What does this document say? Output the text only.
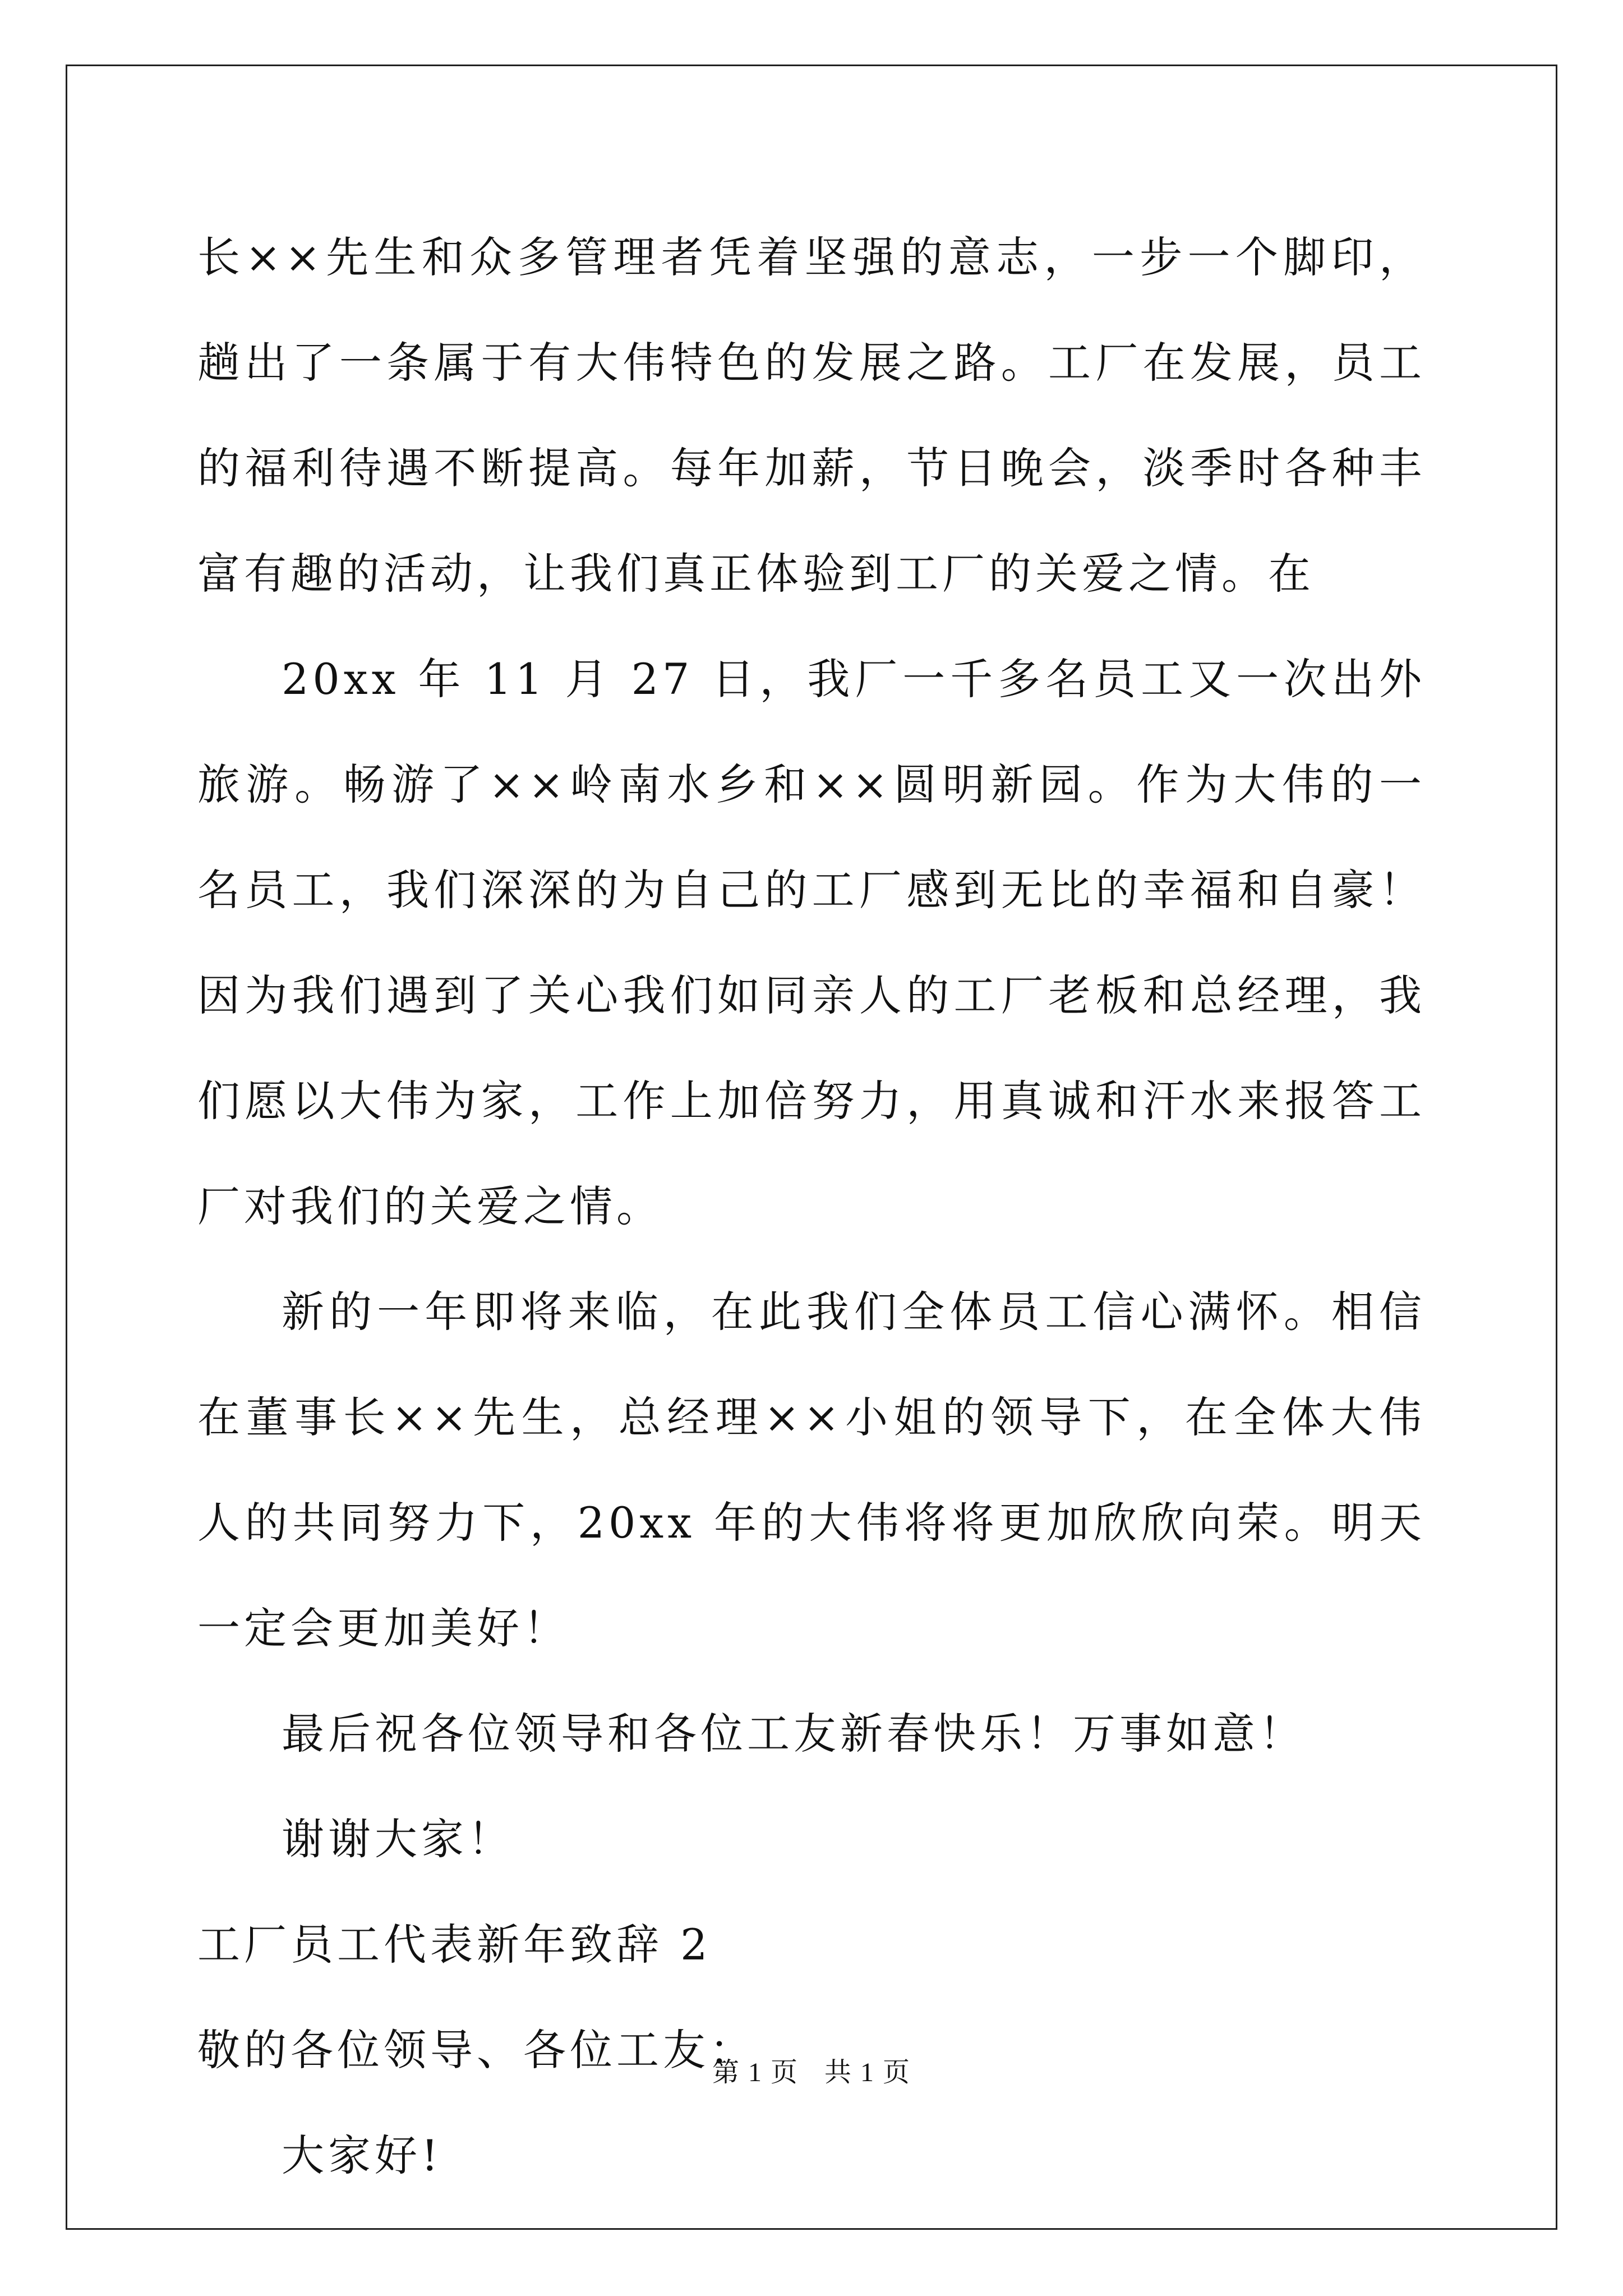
长××先生和众多管理者凭着坚强的意志，一步一个脚印，趟出了一条属于有大伟特色的发展之路。工厂在发展，员工的福利待遇不断提高。每年加薪，节日晚会，淡季时各种丰富有趣的活动，让我们真正体验到工厂的关爱之情。在

20xx 年 11 月 27 日，我厂一千多名员工又一次出外旅游。畅游了××岭南水乡和××圆明新园。作为大伟的一名员工，我们深深的为自己的工厂感到无比的幸福和自豪！因为我们遇到了关心我们如同亲人的工厂老板和总经理，我们愿以大伟为家，工作上加倍努力，用真诚和汗水来报答工厂对我们的关爱之情。

新的一年即将来临，在此我们全体员工信心满怀。相信在董事长××先生，总经理××小姐的领导下，在全体大伟人的共同努力下，20xx 年的大伟将将更加欣欣向荣。明天一定会更加美好！

最后祝各位领导和各位工友新春快乐！万事如意！

谢谢大家！

工厂员工代表新年致辞 2

敬的各位领导、各位工友：

大家好!

第 1 页 共 1 页
